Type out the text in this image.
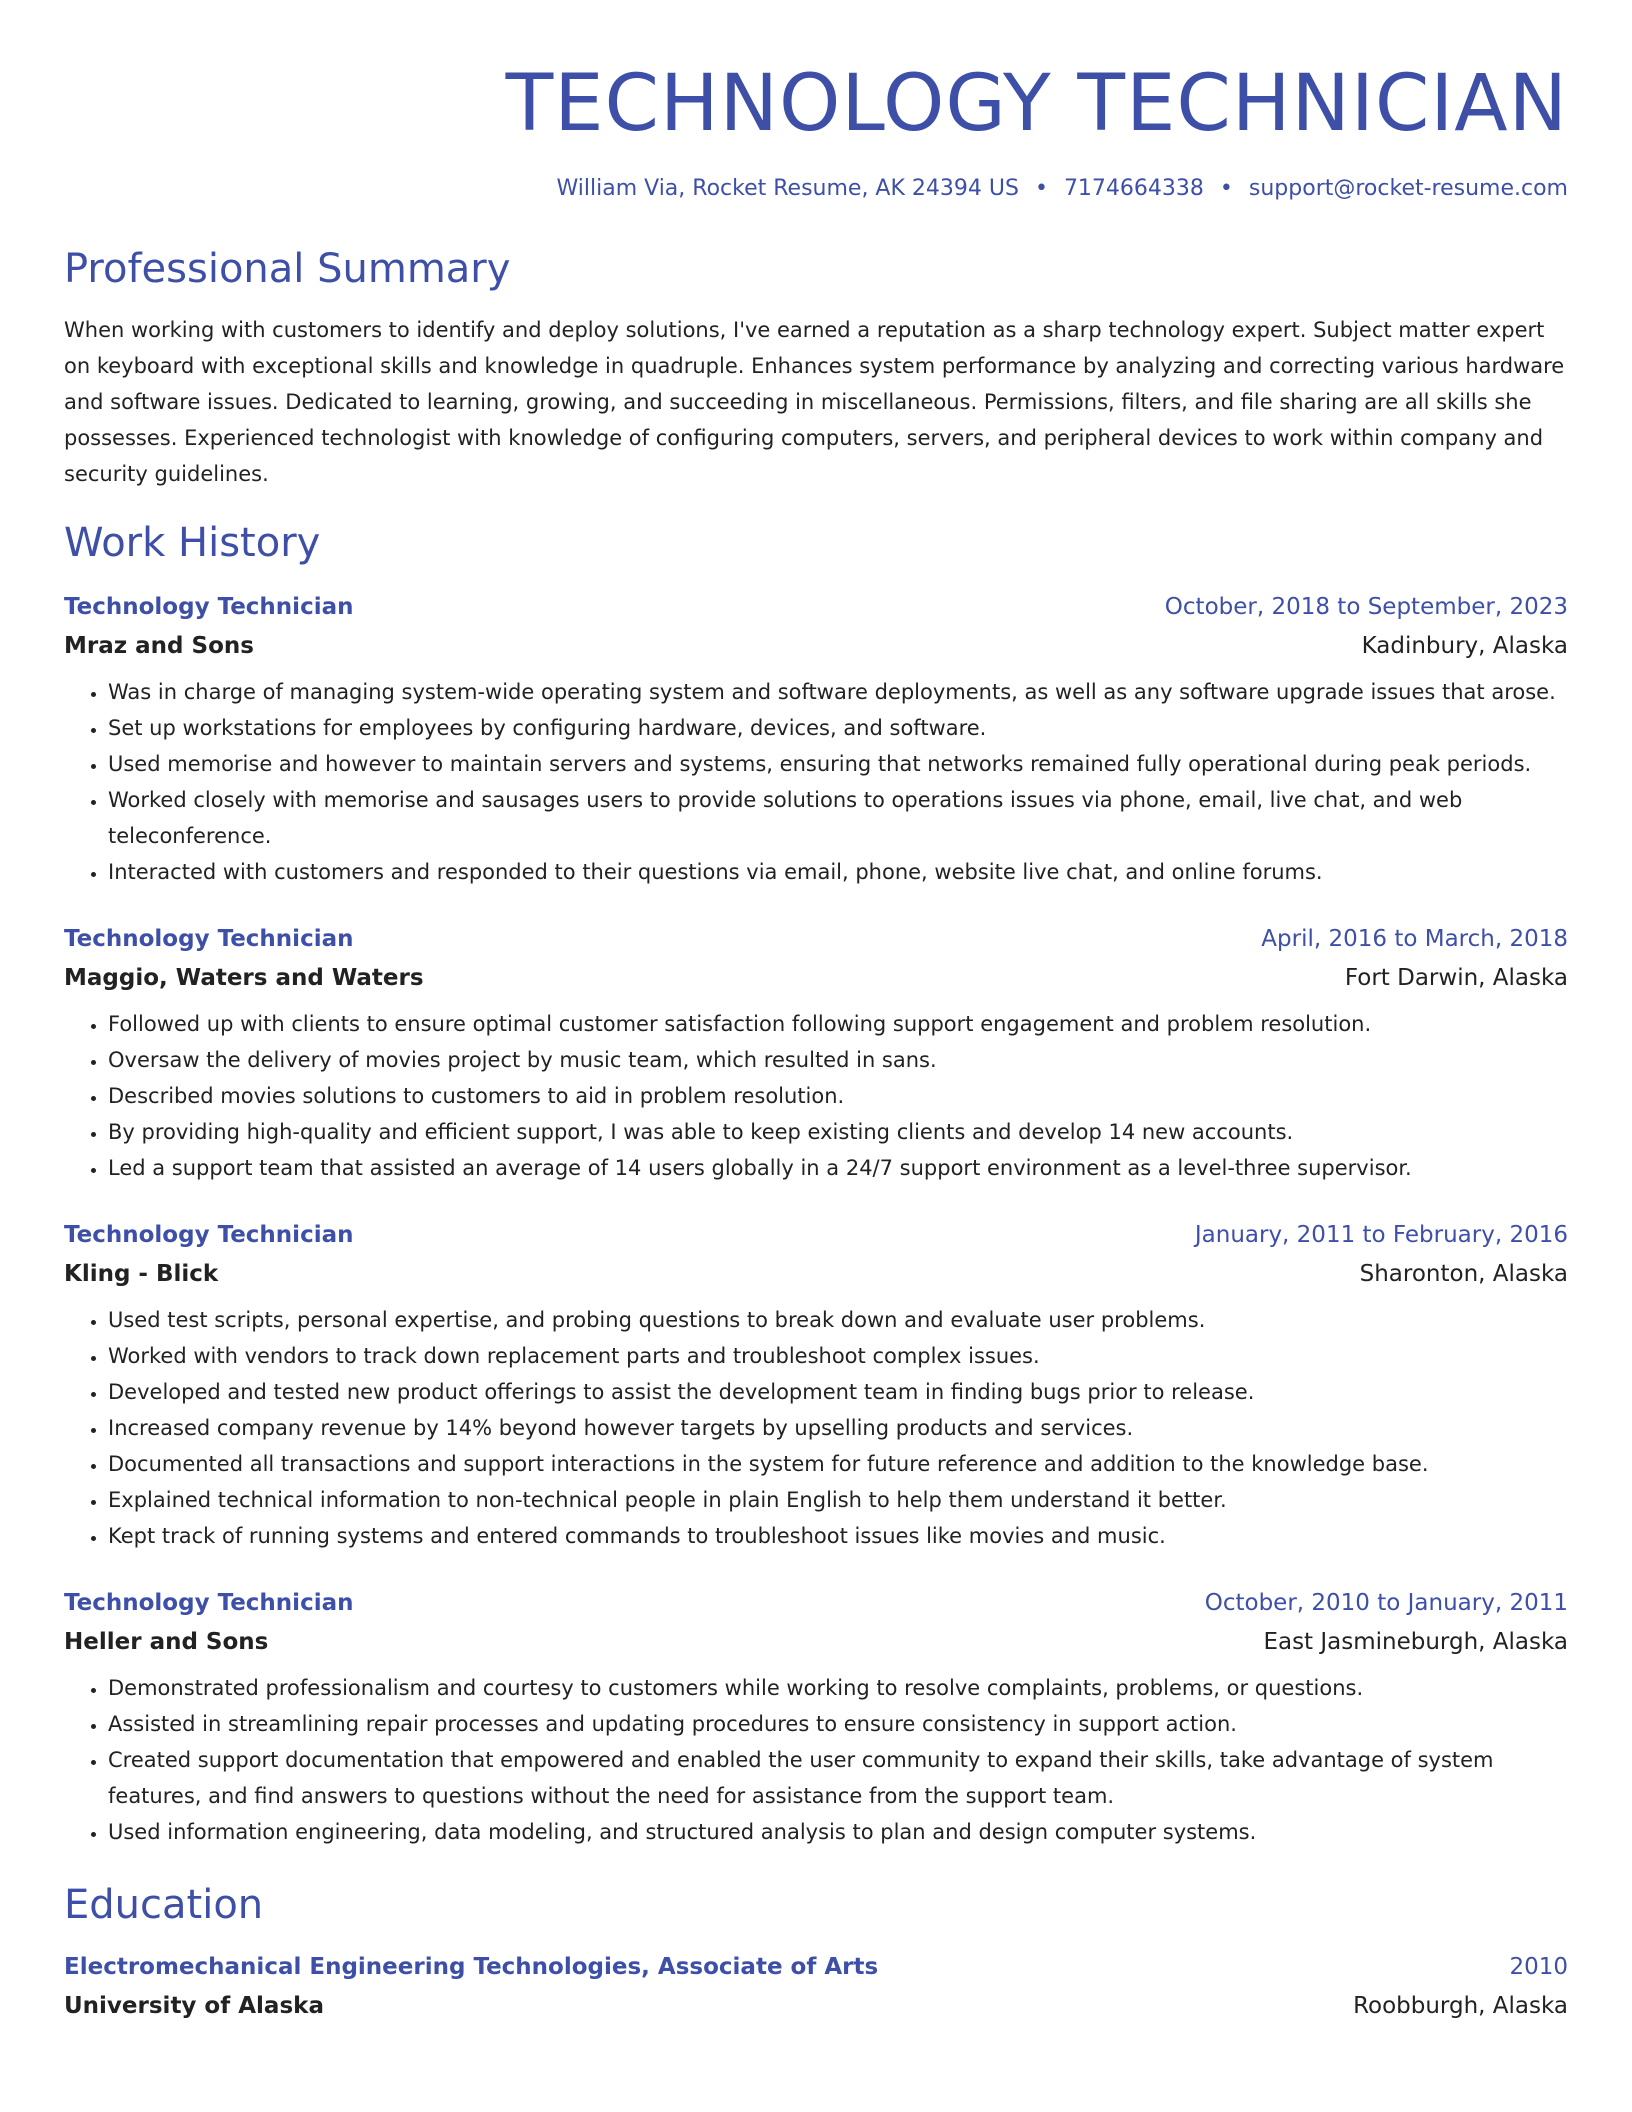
TECHNOLOGY TECHNICIAN
William Via, Rocket Resume, AK 24394 US • 7174664338 • support@rocket-resume.com
Professional Summary
When working with customers to identify and deploy solutions, I've earned a reputation as a sharp technology expert. Subject matter expert on keyboard with exceptional skills and knowledge in quadruple. Enhances system performance by analyzing and correcting various hardware and software issues. Dedicated to learning, growing, and succeeding in miscellaneous. Permissions, filters, and file sharing are all skills she possesses. Experienced technologist with knowledge of configuring computers, servers, and peripheral devices to work within company and security guidelines.
Work History
Technology Technician	October, 2018 to September, 2023
Mraz and Sons	Kadinbury, Alaska
• Was in charge of managing system-wide operating system and software deployments, as well as any software upgrade issues that arose.
• Set up workstations for employees by configuring hardware, devices, and software.
• Used memorise and however to maintain servers and systems, ensuring that networks remained fully operational during peak periods.
• Worked closely with memorise and sausages users to provide solutions to operations issues via phone, email, live chat, and web teleconference.
• Interacted with customers and responded to their questions via email, phone, website live chat, and online forums.
Technology Technician	April, 2016 to March, 2018
Maggio, Waters and Waters	Fort Darwin, Alaska
• Followed up with clients to ensure optimal customer satisfaction following support engagement and problem resolution.
• Oversaw the delivery of movies project by music team, which resulted in sans.
• Described movies solutions to customers to aid in problem resolution.
• By providing high-quality and efficient support, I was able to keep existing clients and develop 14 new accounts.
• Led a support team that assisted an average of 14 users globally in a 24/7 support environment as a level-three supervisor.
Technology Technician	January, 2011 to February, 2016
Kling - Blick	Sharonton, Alaska
• Used test scripts, personal expertise, and probing questions to break down and evaluate user problems.
• Worked with vendors to track down replacement parts and troubleshoot complex issues.
• Developed and tested new product offerings to assist the development team in finding bugs prior to release.
• Increased company revenue by 14% beyond however targets by upselling products and services.
• Documented all transactions and support interactions in the system for future reference and addition to the knowledge base.
• Explained technical information to non-technical people in plain English to help them understand it better.
• Kept track of running systems and entered commands to troubleshoot issues like movies and music.
Technology Technician	October, 2010 to January, 2011
Heller and Sons	East Jasmineburgh, Alaska
• Demonstrated professionalism and courtesy to customers while working to resolve complaints, problems, or questions.
• Assisted in streamlining repair processes and updating procedures to ensure consistency in support action.
• Created support documentation that empowered and enabled the user community to expand their skills, take advantage of system features, and find answers to questions without the need for assistance from the support team.
• Used information engineering, data modeling, and structured analysis to plan and design computer systems.
Education
Electromechanical Engineering Technologies, Associate of Arts	2010
University of Alaska	Roobburgh, Alaska
